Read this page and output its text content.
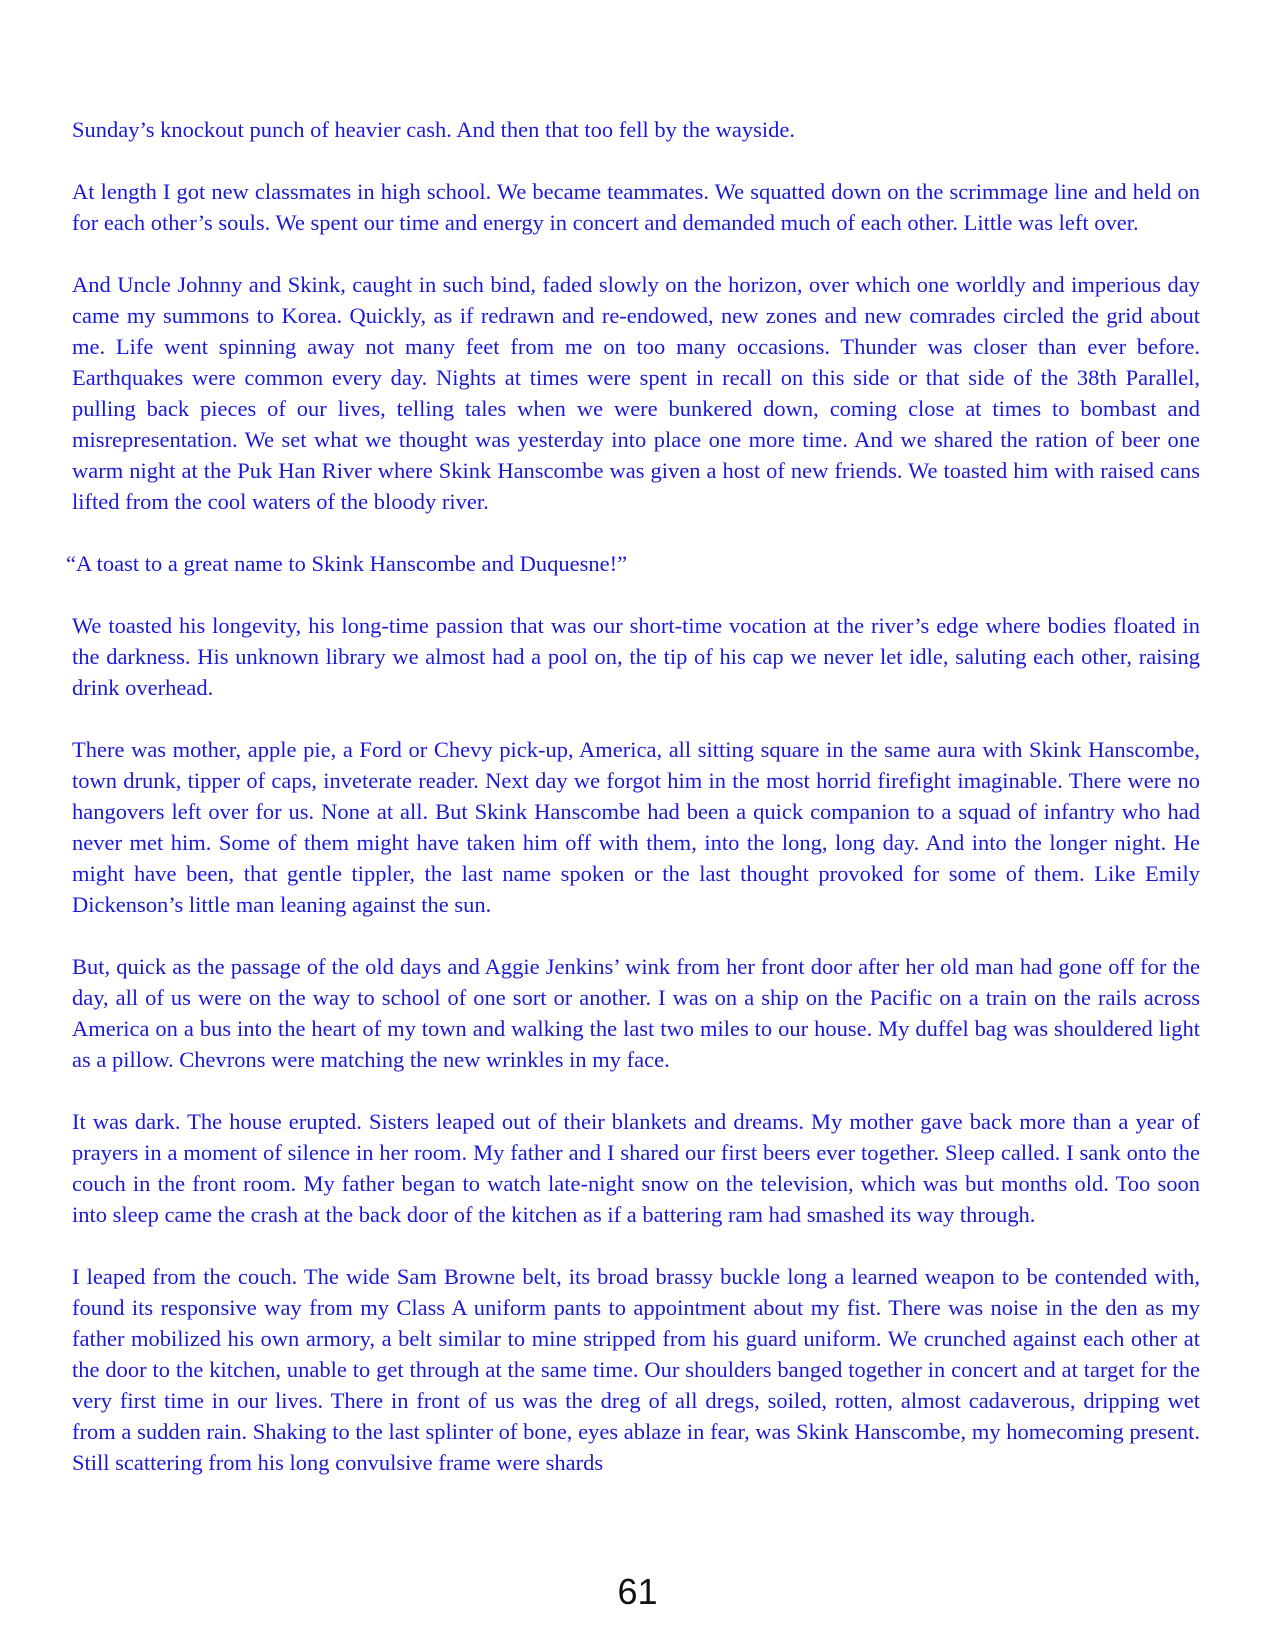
Sunday’s knockout punch of heavier cash. And then that too fell by the wayside.

At length I got new classmates in high school. We became teammates. We squatted down on the scrimmage line and held on for each other’s souls. We spent our time and energy in concert and demanded much of each other. Little was left over.

And Uncle Johnny and Skink, caught in such bind, faded slowly on the horizon, over which one worldly and imperious day came my summons to Korea. Quickly, as if redrawn and re-endowed, new zones and new comrades circled the grid about me. Life went spinning away not many feet from me on too many occasions. Thunder was closer than ever before. Earthquakes were common every day. Nights at times were spent in recall on this side or that side of the 38th Parallel, pulling back pieces of our lives, telling tales when we were bunkered down, coming close at times to bombast and misrepresentation. We set what we thought was yesterday into place one more time. And we shared the ration of beer one warm night at the Puk Han River where Skink Hanscombe was given a host of new friends. We toasted him with raised cans lifted from the cool waters of the bloody river.

“A toast to a great name to Skink Hanscombe and Duquesne!”

We toasted his longevity, his long-time passion that was our short-time vocation at the river’s edge where bodies floated in the darkness. His unknown library we almost had a pool on, the tip of his cap we never let idle, saluting each other, raising drink overhead.

There was mother, apple pie, a Ford or Chevy pick-up, America, all sitting square in the same aura with Skink Hanscombe, town drunk, tipper of caps, inveterate reader. Next day we forgot him in the most horrid firefight imaginable. There were no hangovers left over for us. None at all. But Skink Hanscombe had been a quick companion to a squad of infantry who had never met him. Some of them might have taken him off with them, into the long, long day. And into the longer night. He might have been, that gentle tippler, the last name spoken or the last thought provoked for some of them. Like Emily Dickenson’s little man leaning against the sun.

But, quick as the passage of the old days and Aggie Jenkins’ wink from her front door after her old man had gone off for the day, all of us were on the way to school of one sort or another. I was on a ship on the Pacific on a train on the rails across America on a bus into the heart of my town and walking the last two miles to our house. My duffel bag was shouldered light as a pillow. Chevrons were matching the new wrinkles in my face.

It was dark. The house erupted. Sisters leaped out of their blankets and dreams. My mother gave back more than a year of prayers in a moment of silence in her room. My father and I shared our first beers ever together. Sleep called. I sank onto the couch in the front room. My father began to watch late-night snow on the television, which was but months old. Too soon into sleep came the crash at the back door of the kitchen as if a battering ram had smashed its way through.

I leaped from the couch. The wide Sam Browne belt, its broad brassy buckle long a learned weapon to be contended with, found its responsive way from my Class A uniform pants to appointment about my fist. There was noise in the den as my father mobilized his own armory, a belt similar to mine stripped from his guard uniform. We crunched against each other at the door to the kitchen, unable to get through at the same time. Our shoulders banged together in concert and at target for the very first time in our lives. There in front of us was the dreg of all dregs, soiled, rotten, almost cadaverous, dripping wet from a sudden rain. Shaking to the last splinter of bone, eyes ablaze in fear, was Skink Hanscombe, my homecoming present. Still scattering from his long convulsive frame were shards

61
